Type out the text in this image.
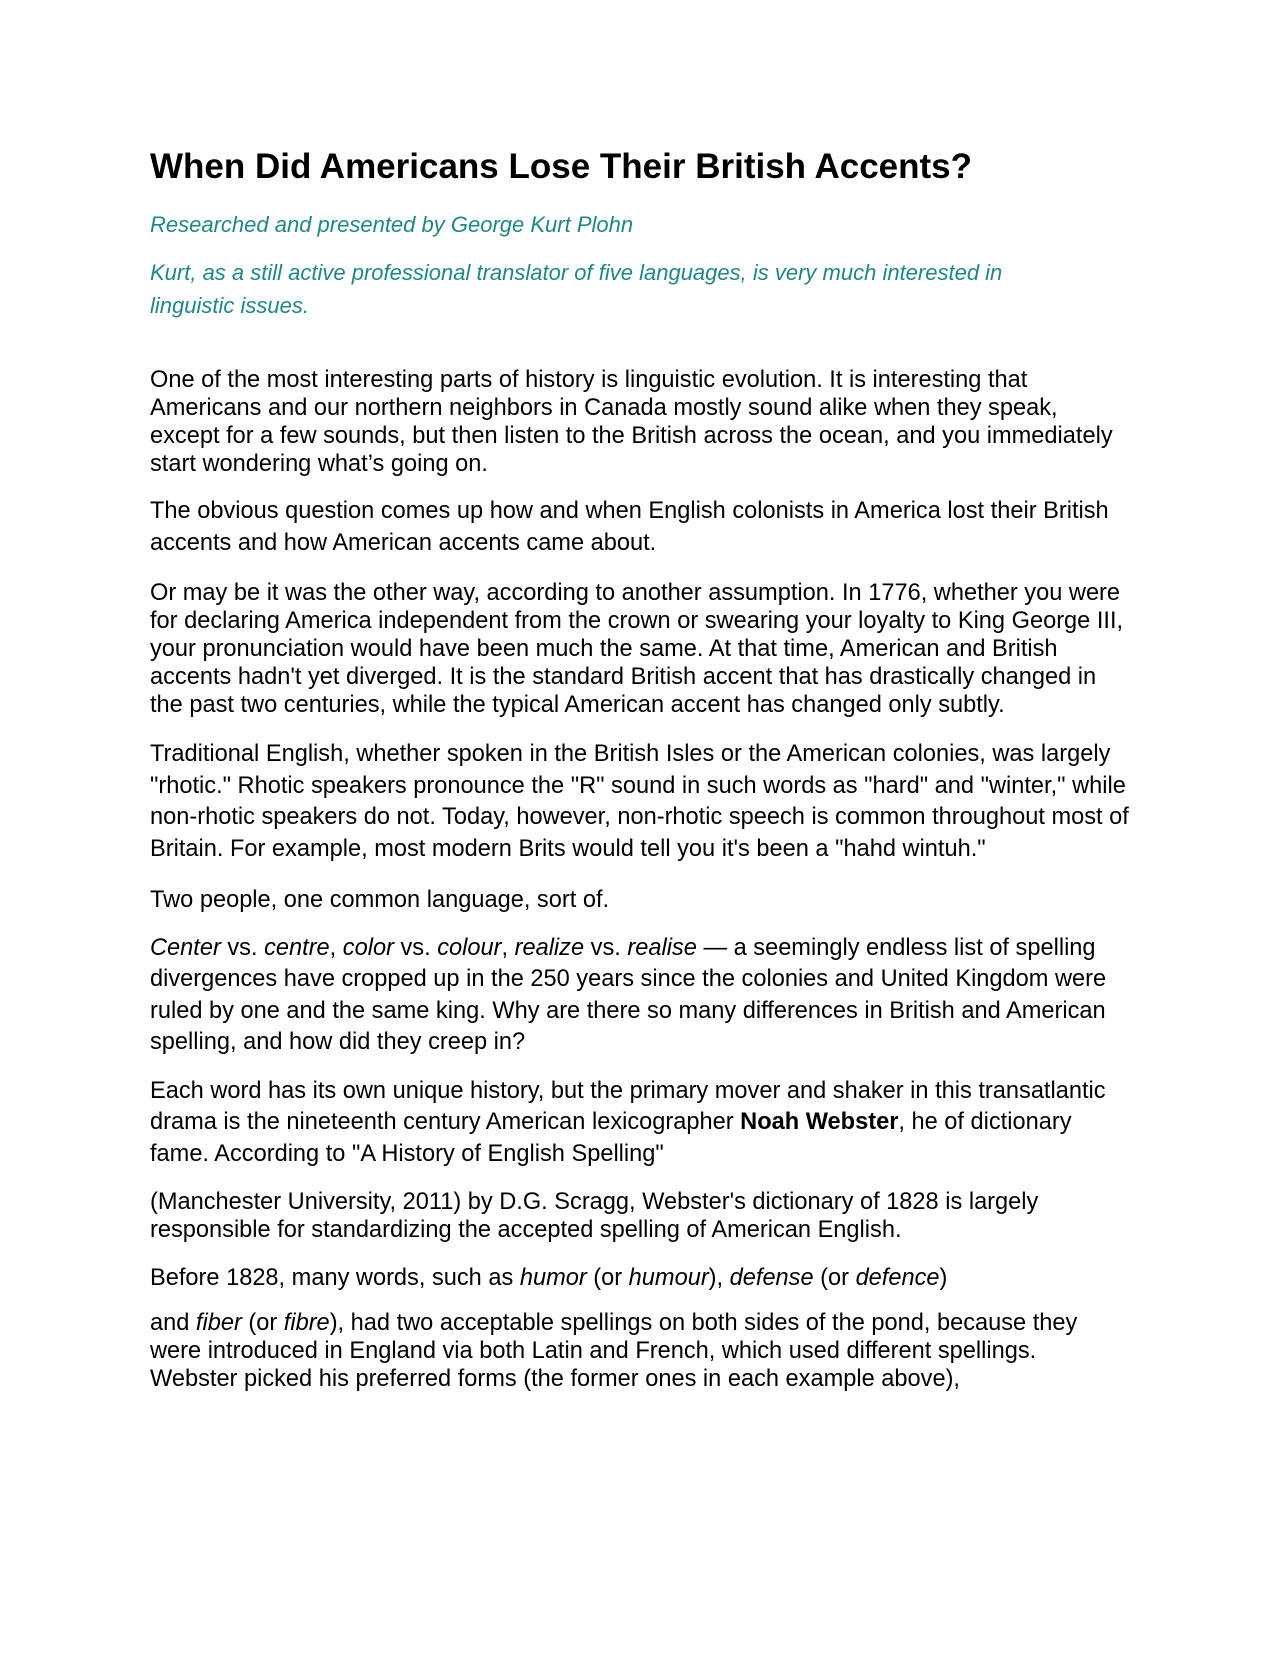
When Did Americans Lose Their British Accents?

Researched and presented by George Kurt Plohn

Kurt, as a still active professional translator of five languages, is very much interested in linguistic issues.

One of the most interesting parts of history is linguistic evolution. It is interesting that Americans and our northern neighbors in Canada mostly sound alike when they speak, except for a few sounds, but then listen to the British across the ocean, and you immediately start wondering what’s going on.

The obvious question comes up how and when English colonists in America lost their British accents and how American accents came about.

Or may be it was the other way, according to another assumption. In 1776, whether you were for declaring America independent from the crown or swearing your loyalty to King George III, your pronunciation would have been much the same. At that time, American and British accents hadn't yet diverged. It is the standard British accent that has drastically changed in the past two centuries, while the typical American accent has changed only subtly.

Traditional English, whether spoken in the British Isles or the American colonies, was largely "rhotic." Rhotic speakers pronounce the "R" sound in such words as "hard" and "winter," while non-rhotic speakers do not. Today, however, non-rhotic speech is common throughout most of Britain. For example, most modern Brits would tell you it's been a "hahd wintuh."

Two people, one common language, sort of.

Center vs. centre, color vs. colour, realize vs. realise — a seemingly endless list of spelling divergences have cropped up in the 250 years since the colonies and United Kingdom were ruled by one and the same king. Why are there so many differences in British and American spelling, and how did they creep in?

Each word has its own unique history, but the primary mover and shaker in this transatlantic drama is the nineteenth century American lexicographer Noah Webster, he of dictionary fame. According to "A History of English Spelling"

(Manchester University, 2011) by D.G. Scragg, Webster's dictionary of 1828 is largely responsible for standardizing the accepted spelling of American English.

Before 1828, many words, such as humor (or humour), defense (or defence)

and fiber (or fibre), had two acceptable spellings on both sides of the pond, because they were introduced in England via both Latin and French, which used different spellings. Webster picked his preferred forms (the former ones in each example above),
